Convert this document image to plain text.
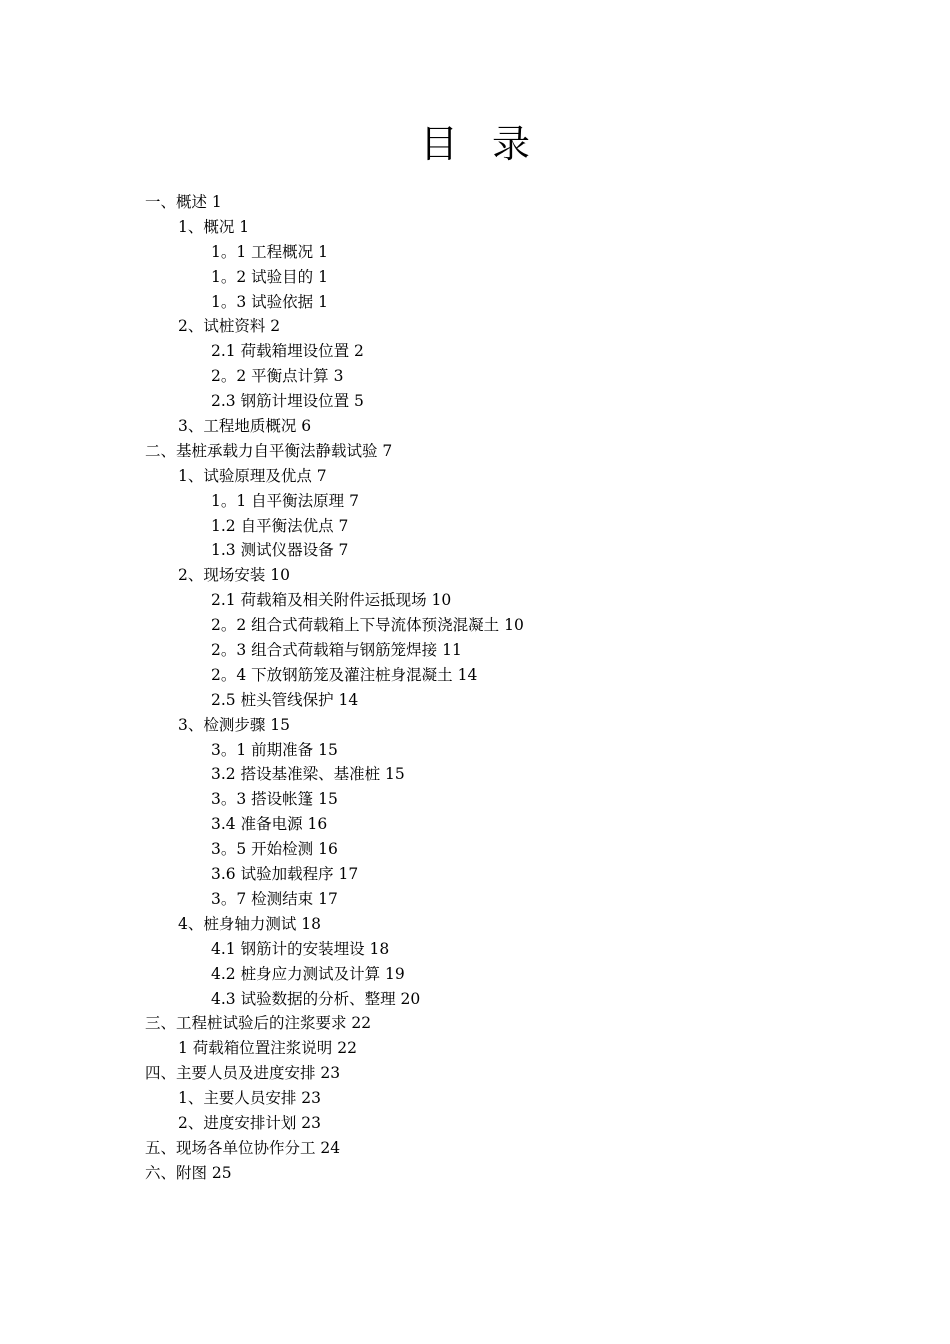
目 录
一、概述 1
1、概况 1
1。1 工程概况 1
1。2 试验目的 1
1。3 试验依据 1
2、试桩资料 2
2.1 荷载箱埋设位置 2
2。2 平衡点计算 3
2.3 钢筋计埋设位置 5
3、工程地质概况 6
二、基桩承载力自平衡法静载试验 7
1、试验原理及优点 7
1。1 自平衡法原理 7
1.2 自平衡法优点 7
1.3 测试仪器设备 7
2、现场安装 10
2.1 荷载箱及相关附件运抵现场 10
2。2 组合式荷载箱上下导流体预浇混凝土 10
2。3 组合式荷载箱与钢筋笼焊接 11
2。4 下放钢筋笼及灌注桩身混凝土 14
2.5 桩头管线保护 14
3、检测步骤 15
3。1 前期准备 15
3.2 搭设基准梁、基准桩 15
3。3 搭设帐篷 15
3.4 准备电源 16
3。5 开始检测 16
3.6 试验加载程序 17
3。7 检测结束 17
4、桩身轴力测试 18
4.1 钢筋计的安装埋设 18
4.2 桩身应力测试及计算 19
4.3 试验数据的分析、整理 20
三、工程桩试验后的注浆要求 22
1 荷载箱位置注浆说明 22
四、主要人员及进度安排 23
1、主要人员安排 23
2、进度安排计划 23
五、现场各单位协作分工 24
六、附图 25
